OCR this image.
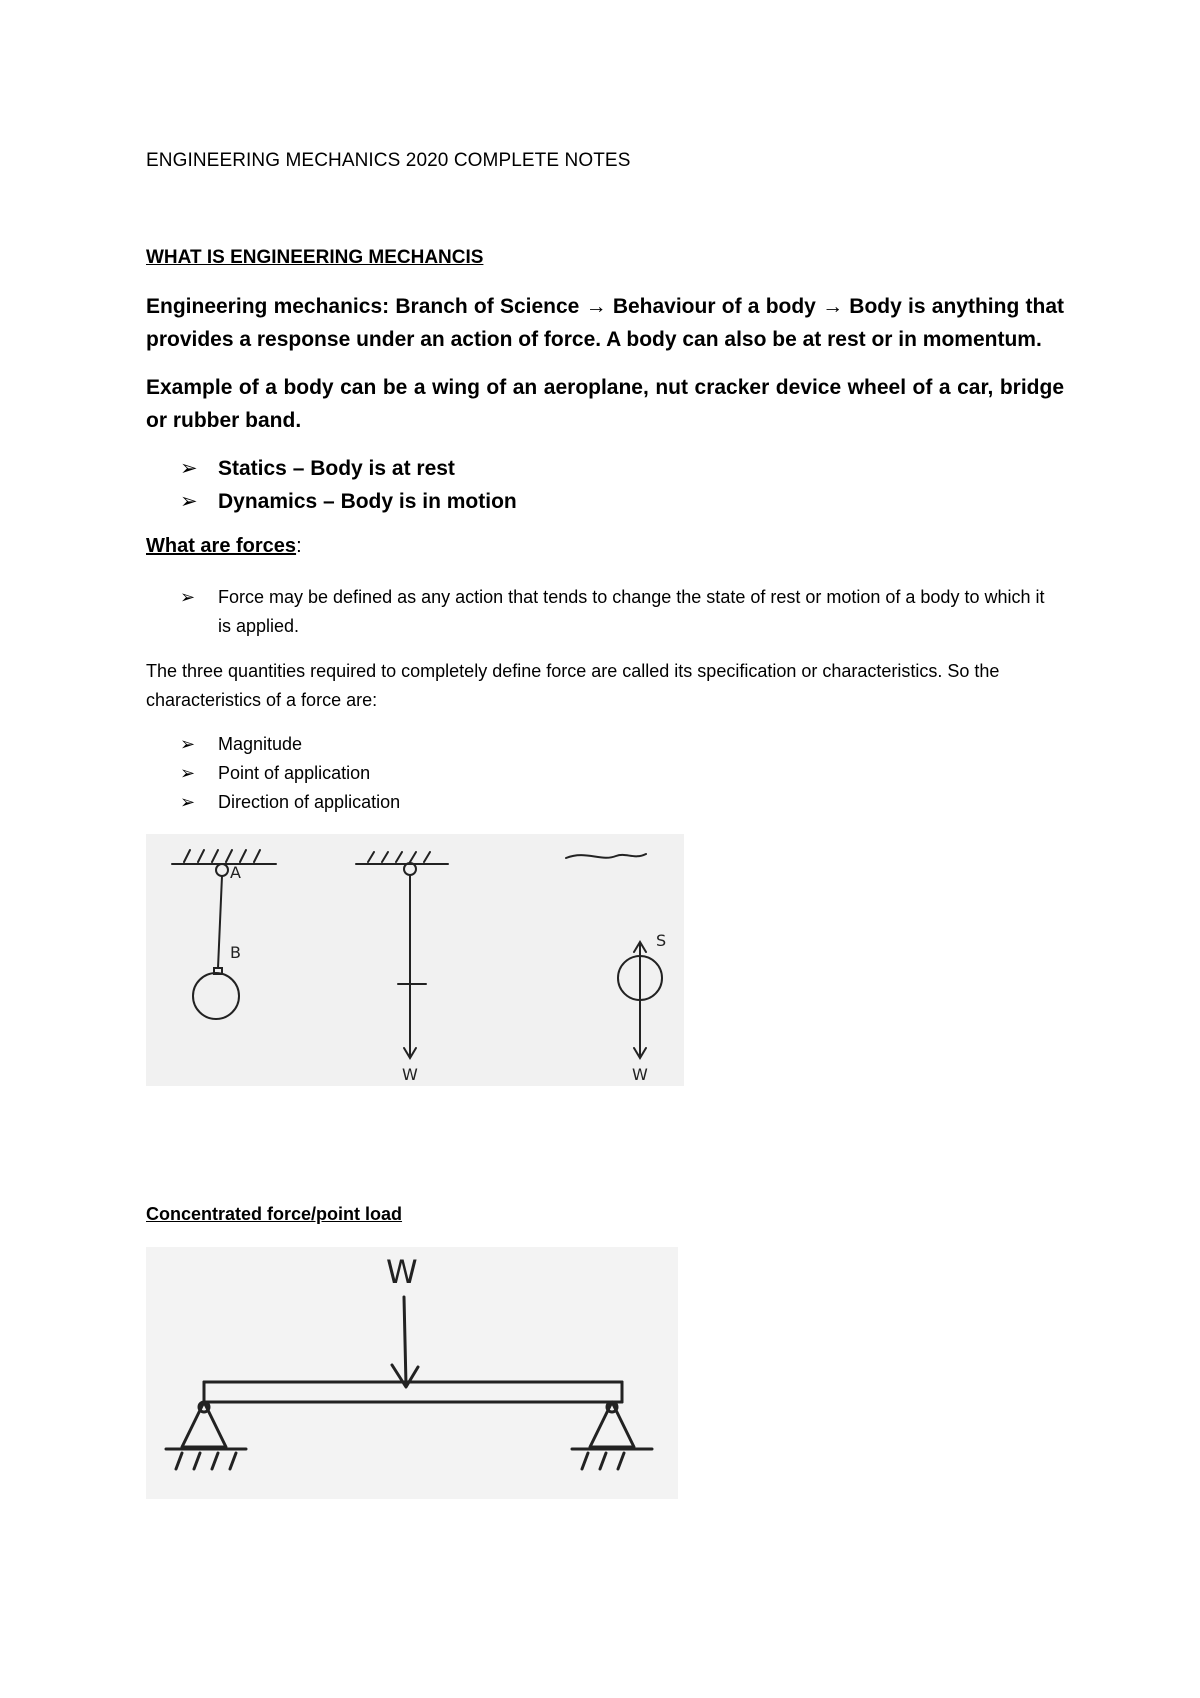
ENGINEERING MECHANICS 2020 COMPLETE NOTES
WHAT IS ENGINEERING MECHANCIS
Engineering mechanics: Branch of Science → Behaviour of a body → Body is anything that provides a response under an action of force. A body can also be at rest or in momentum.
Example of a body can be a wing of an aeroplane, nut cracker device wheel of a car, bridge or rubber band.
➢ Statics – Body is at rest
➢ Dynamics – Body is in motion
What are forces:
➢ Force may be defined as any action that tends to change the state of rest or motion of a body to which it is applied.
The three quantities required to completely define force are called its specification or characteristics. So the characteristics of a force are:
➢ Magnitude
➢ Point of application
➢ Direction of application
A
B
W	W
S
Concentrated force/point load
W
